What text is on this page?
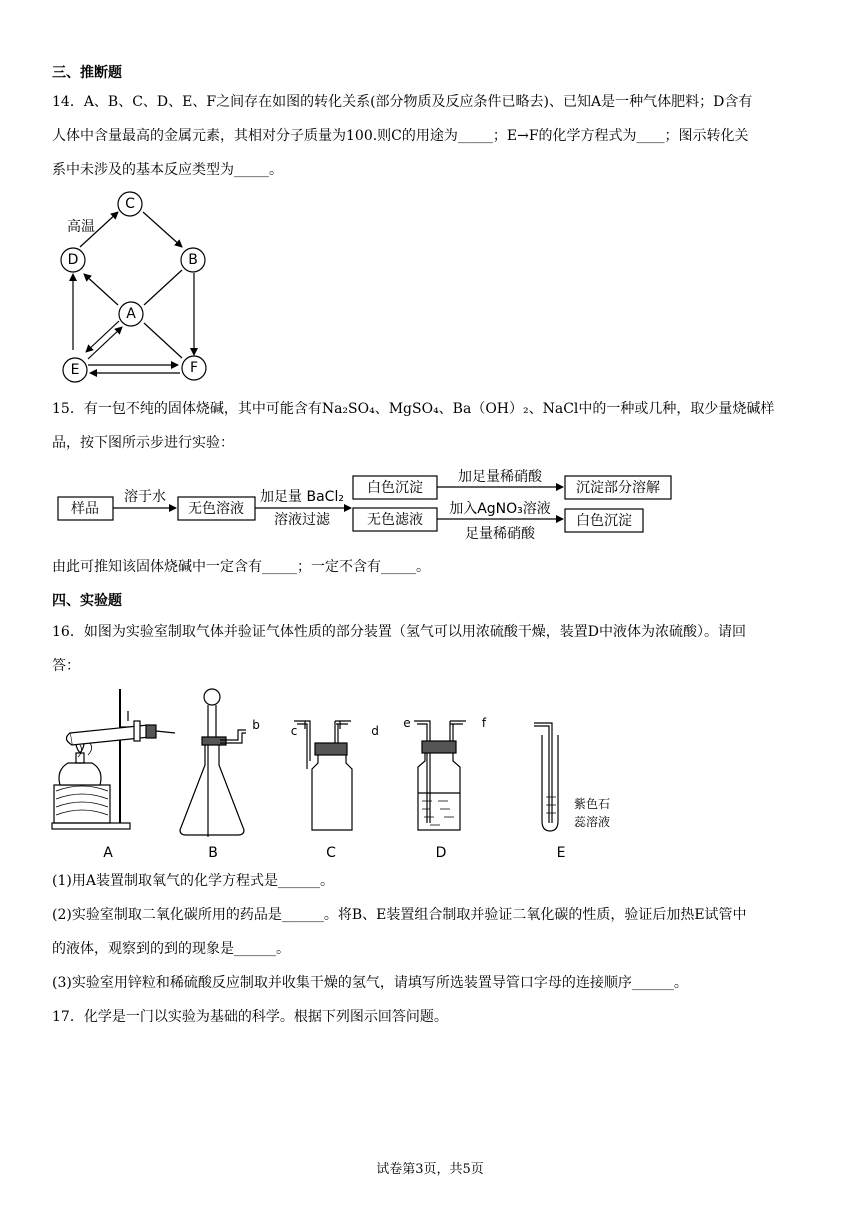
三、推断题
14．A、B、C、D、E、F之间存在如图的转化关系(部分物质及反应条件已略去)、已知A是一种气体肥料；D含有
人体中含量最高的金属元素，其相对分子质量为100.则C的用途为_____；E→F的化学方程式为____；图示转化关
系中未涉及的基本反应类型为_____。
C
D	B
A
E	F
高温
15．有一包不纯的固体烧碱，其中可能含有Na₂SO₄、MgSO₄、Ba（OH）₂、NaCl中的一种或几种，取少量烧碱样
品，按下图所示步进行实验：
样品	无色溶液
白色沉淀
无色滤液
沉淀部分溶解
白色沉淀
溶于水	加足量 BaCl₂
溶液过滤
加足量稀硝酸
加入AgNO₃溶液
足量稀硝酸
由此可推知该固体烧碱中一定含有_____；一定不含有_____。
四、实验题
16．如图为实验室制取气体并验证气体性质的部分装置（氢气可以用浓硫酸干燥，装置D中液体为浓硫酸）。请回
答：
A	B	C	D	E
b	c	d
e	f
紫色石
蕊溶液
(1)用A装置制取氧气的化学方程式是______。
(2)实验室制取二氧化碳所用的药品是______。将B、E装置组合制取并验证二氧化碳的性质，验证后加热E试管中
的液体，观察到的到的现象是______。
(3)实验室用锌粒和稀硫酸反应制取并收集干燥的氢气，请填写所选装置导管口字母的连接顺序______。
17．化学是一门以实验为基础的科学。根据下列图示回答问题。
试卷第3页，共5页
